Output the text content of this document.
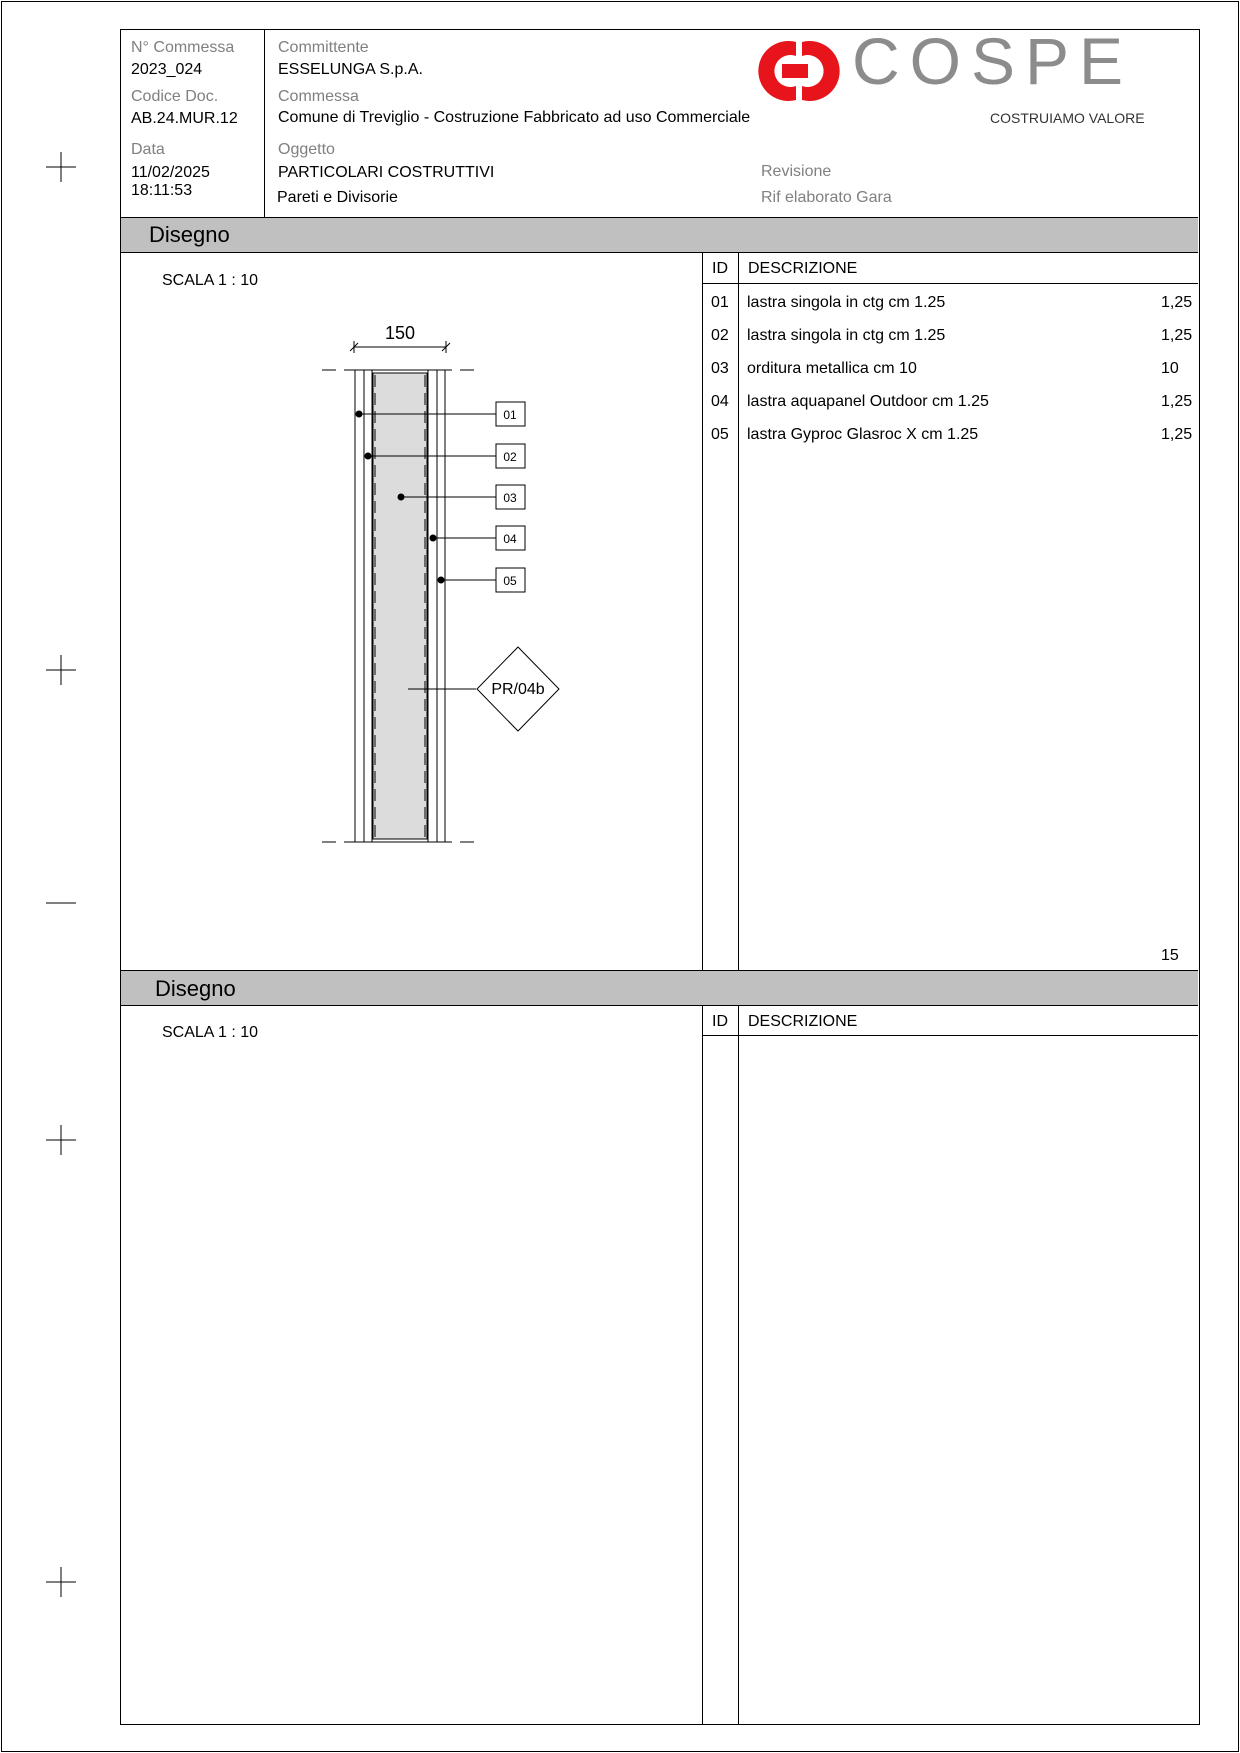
N° Commessa
2023_024
Codice Doc.
AB.24.MUR.12
Data
11/02/2025
18:11:53
Committente
ESSELUNGA S.p.A.
Commessa
Comune di Treviglio - Costruzione Fabbricato ad uso Commerciale
Oggetto
PARTICOLARI COSTRUTTIVI
Pareti e Divisorie
Revisione
Rif elaborato Gara
COSPE
COSTRUIAMO VALORE
Disegno
SCALA 1 : 10
ID DESCRIZIONE
01 lastra singola in ctg cm 1.25	1,25
02 lastra singola in ctg cm 1.25	1,25
03 orditura metallica cm 10	10
04 lastra aquapanel Outdoor cm 1.25	1,25
05 lastra Gyproc Glasroc X cm 1.25	1,25
15
150
01
02
03
04
05
PR/04b
Disegno
SCALA 1 : 10
ID DESCRIZIONE
